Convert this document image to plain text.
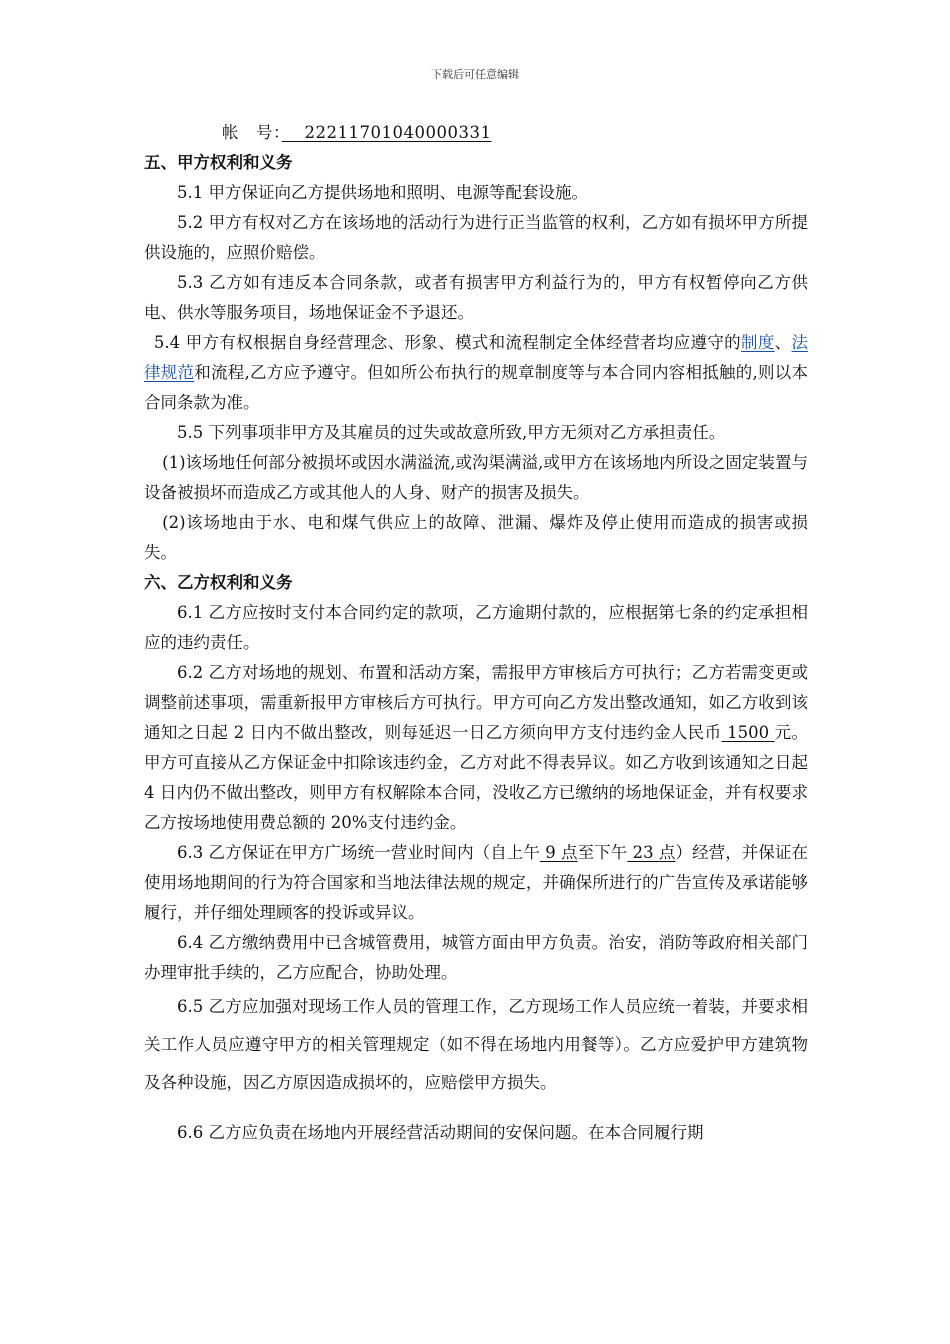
下载后可任意编辑

帐　号：　 22211701040000331

五、甲方权利和义务

5.1 甲方保证向乙方提供场地和照明、电源等配套设施。

5.2 甲方有权对乙方在该场地的活动行为进行正当监管的权利，乙方如有损坏甲方所提供设施的，应照价赔偿。

5.3 乙方如有违反本合同条款，或者有损害甲方利益行为的，甲方有权暂停向乙方供电、供水等服务项目，场地保证金不予退还。

5.4 甲方有权根据自身经营理念、形象、模式和流程制定全体经营者均应遵守的制度、法律规范和流程,乙方应予遵守。但如所公布执行的规章制度等与本合同内容相抵触的,则以本合同条款为准。

5.5 下列事项非甲方及其雇员的过失或故意所致,甲方无须对乙方承担责任。

(1)该场地任何部分被损坏或因水满溢流,或沟渠满溢,或甲方在该场地内所设之固定装置与设备被损坏而造成乙方或其他人的人身、财产的损害及损失。

(2)该场地由于水、电和煤气供应上的故障、泄漏、爆炸及停止使用而造成的损害或损失。

六、乙方权利和义务

6.1 乙方应按时支付本合同约定的款项，乙方逾期付款的，应根据第七条的约定承担相应的违约责任。

6.2 乙方对场地的规划、布置和活动方案，需报甲方审核后方可执行；乙方若需变更或调整前述事项，需重新报甲方审核后方可执行。甲方可向乙方发出整改通知，如乙方收到该通知之日起 2 日内不做出整改，则每延迟一日乙方须向甲方支付违约金人民币 1500 元。甲方可直接从乙方保证金中扣除该违约金，乙方对此不得表异议。如乙方收到该通知之日起 4 日内仍不做出整改，则甲方有权解除本合同，没收乙方已缴纳的场地保证金，并有权要求乙方按场地使用费总额的 20%支付违约金。

6.3 乙方保证在甲方广场统一营业时间内（自上午 9 点至下午 23 点）经营，并保证在使用场地期间的行为符合国家和当地法律法规的规定，并确保所进行的广告宣传及承诺能够履行，并仔细处理顾客的投诉或异议。

6.4 乙方缴纳费用中已含城管费用，城管方面由甲方负责。治安，消防等政府相关部门办理审批手续的，乙方应配合，协助处理。

6.5 乙方应加强对现场工作人员的管理工作，乙方现场工作人员应统一着装，并要求相关工作人员应遵守甲方的相关管理规定（如不得在场地内用餐等）。乙方应爱护甲方建筑物及各种设施，因乙方原因造成损坏的，应赔偿甲方损失。

6.6 乙方应负责在场地内开展经营活动期间的安保问题。在本合同履行期
